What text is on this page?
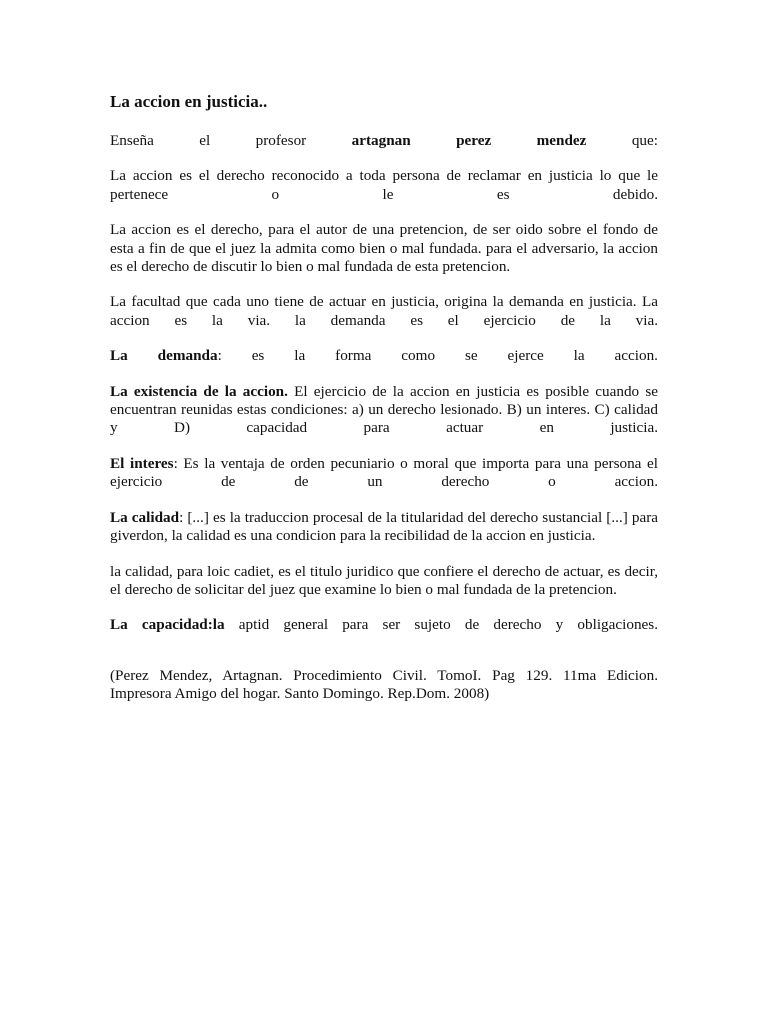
La accion en justicia..

Enseña el profesor artagnan perez mendez que:

La accion es el derecho reconocido a toda persona de reclamar en justicia lo que le pertenece o le es debido.

La accion es el derecho, para el autor de una pretencion, de ser oido sobre el fondo de esta a fin de que el juez la admita como bien o mal fundada. para el adversario, la accion es el derecho de discutir lo bien o mal fundada de esta pretencion.

La facultad que cada uno tiene de actuar en justicia, origina la demanda en justicia. La accion es la via. la demanda es el ejercicio de la via.

La demanda: es la forma como se ejerce la accion.

La existencia de la accion. El ejercicio de la accion en justicia es posible cuando se encuentran reunidas estas condiciones: a) un derecho lesionado. B) un interes. C) calidad y D) capacidad para actuar en justicia.

El interes: Es la ventaja de orden pecuniario o moral que importa para una persona el ejercicio de de un derecho o accion.

La calidad: [...] es la traduccion procesal de la titularidad del derecho sustancial [...] para giverdon, la calidad es una condicion para la recibilidad de la accion en justicia.

la calidad, para loic cadiet, es el titulo juridico que confiere el derecho de actuar, es decir, el derecho de solicitar del juez que examine lo bien o mal fundada de la pretencion.

La capacidad:la aptid general para ser sujeto de derecho y obligaciones.

(Perez Mendez, Artagnan. Procedimiento Civil. TomoI. Pag 129. 11ma Edicion. Impresora Amigo del hogar. Santo Domingo. Rep.Dom. 2008)
